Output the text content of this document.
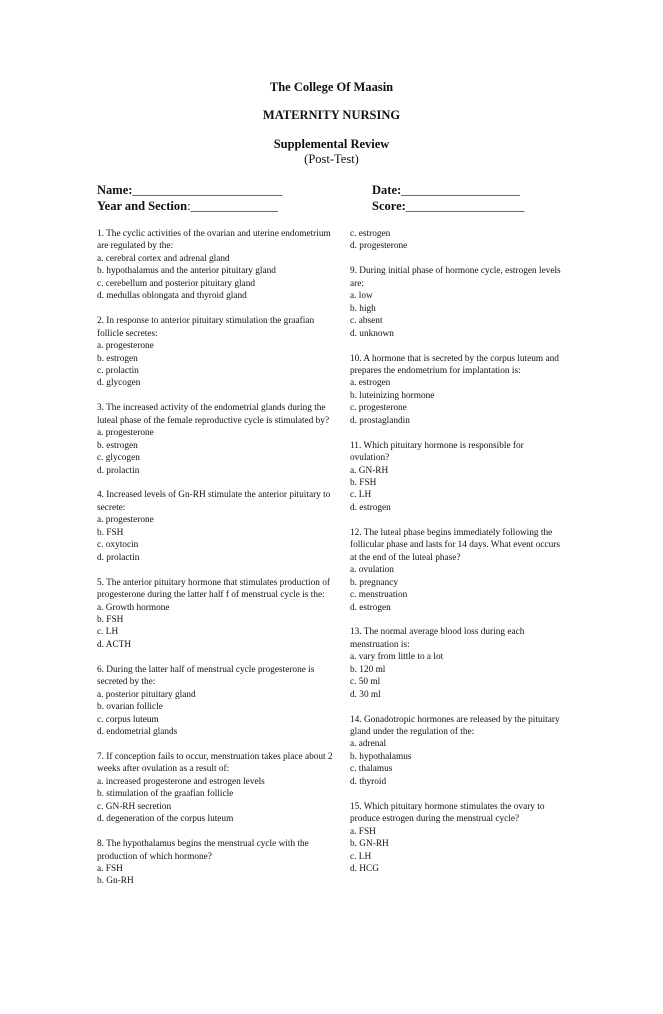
The College Of Maasin
MATERNITY NURSING
Supplemental Review
(Post-Test)
Name:________________________	Date:___________________
Year and Section:______________	Score:___________________
1. The cyclic activities of the ovarian and uterine endometrium are regulated by the:
a. cerebral cortex and adrenal gland
b. hypothalamus and the anterior pituitary gland
c. cerebellum and posterior pituitary gland
d. medullas oblongata and thyroid gland
2. In response to anterior pituitary stimulation the graafian follicle secretes:
a. progesterone
b. estrogen
c. prolactin
d. glycogen
3. The increased activity of the endometrial glands during the luteal phase of the female reproductive cycle is stimulated by?
a. progesterone
b. estrogen
c. glycogen
d. prolactin
4. Increased levels of Gn-RH stimulate the anterior pituitary to secrete:
a. progesterone
b. FSH
c. oxytocin
d. prolactin
5. The anterior pituitary hormone that stimulates production of progesterone during the latter half f of menstrual cycle is the:
a. Growth hormone
b. FSH
c. LH
d. ACTH
6. During the latter half of menstrual cycle progesterone is secreted by the:
a. posterior pituitary gland
b. ovarian follicle
c. corpus luteum
d. endometrial glands
7. If conception fails to occur, menstruation takes place about 2 weeks after ovulation as a result of:
a. increased progesterone and estrogen levels
b. stimulation of the graafian follicle
c. GN-RH secretion
d. degeneration of the corpus luteum
8. The hypothalamus begins the menstrual cycle with the production of which hormone?
a. FSH
b. Gn-RH
c. estrogen
d. progesterone
9. During initial phase of hormone cycle, estrogen levels are:
a. low
b. high
c. absent
d. unknown
10. A hormone that is secreted by the corpus luteum and prepares the endometrium for implantation is:
a. estrogen
b. luteinizing hormone
c. progesterone
d. prostaglandin
11. Which pituitary hormone is responsible for ovulation?
a. GN-RH
b. FSH
c. LH
d. estrogen
12. The luteal phase begins immediately following the follicular phase and lasts for 14 days. What event occurs at the end of the luteal phase?
a. ovulation
b. pregnancy
c. menstruation
d. estrogen
13. The normal average blood loss during each menstruation is:
a. vary from little to a lot
b. 120 ml
c. 50 ml
d. 30 ml
14. Gonadotropic hormones are released by the pituitary gland under the regulation of the:
a. adrenal
b. hypothalamus
c. thalamus
d. thyroid
15. Which pituitary hormone stimulates the ovary to produce estrogen during the menstrual cycle?
a. FSH
b. GN-RH
c. LH
d. HCG
